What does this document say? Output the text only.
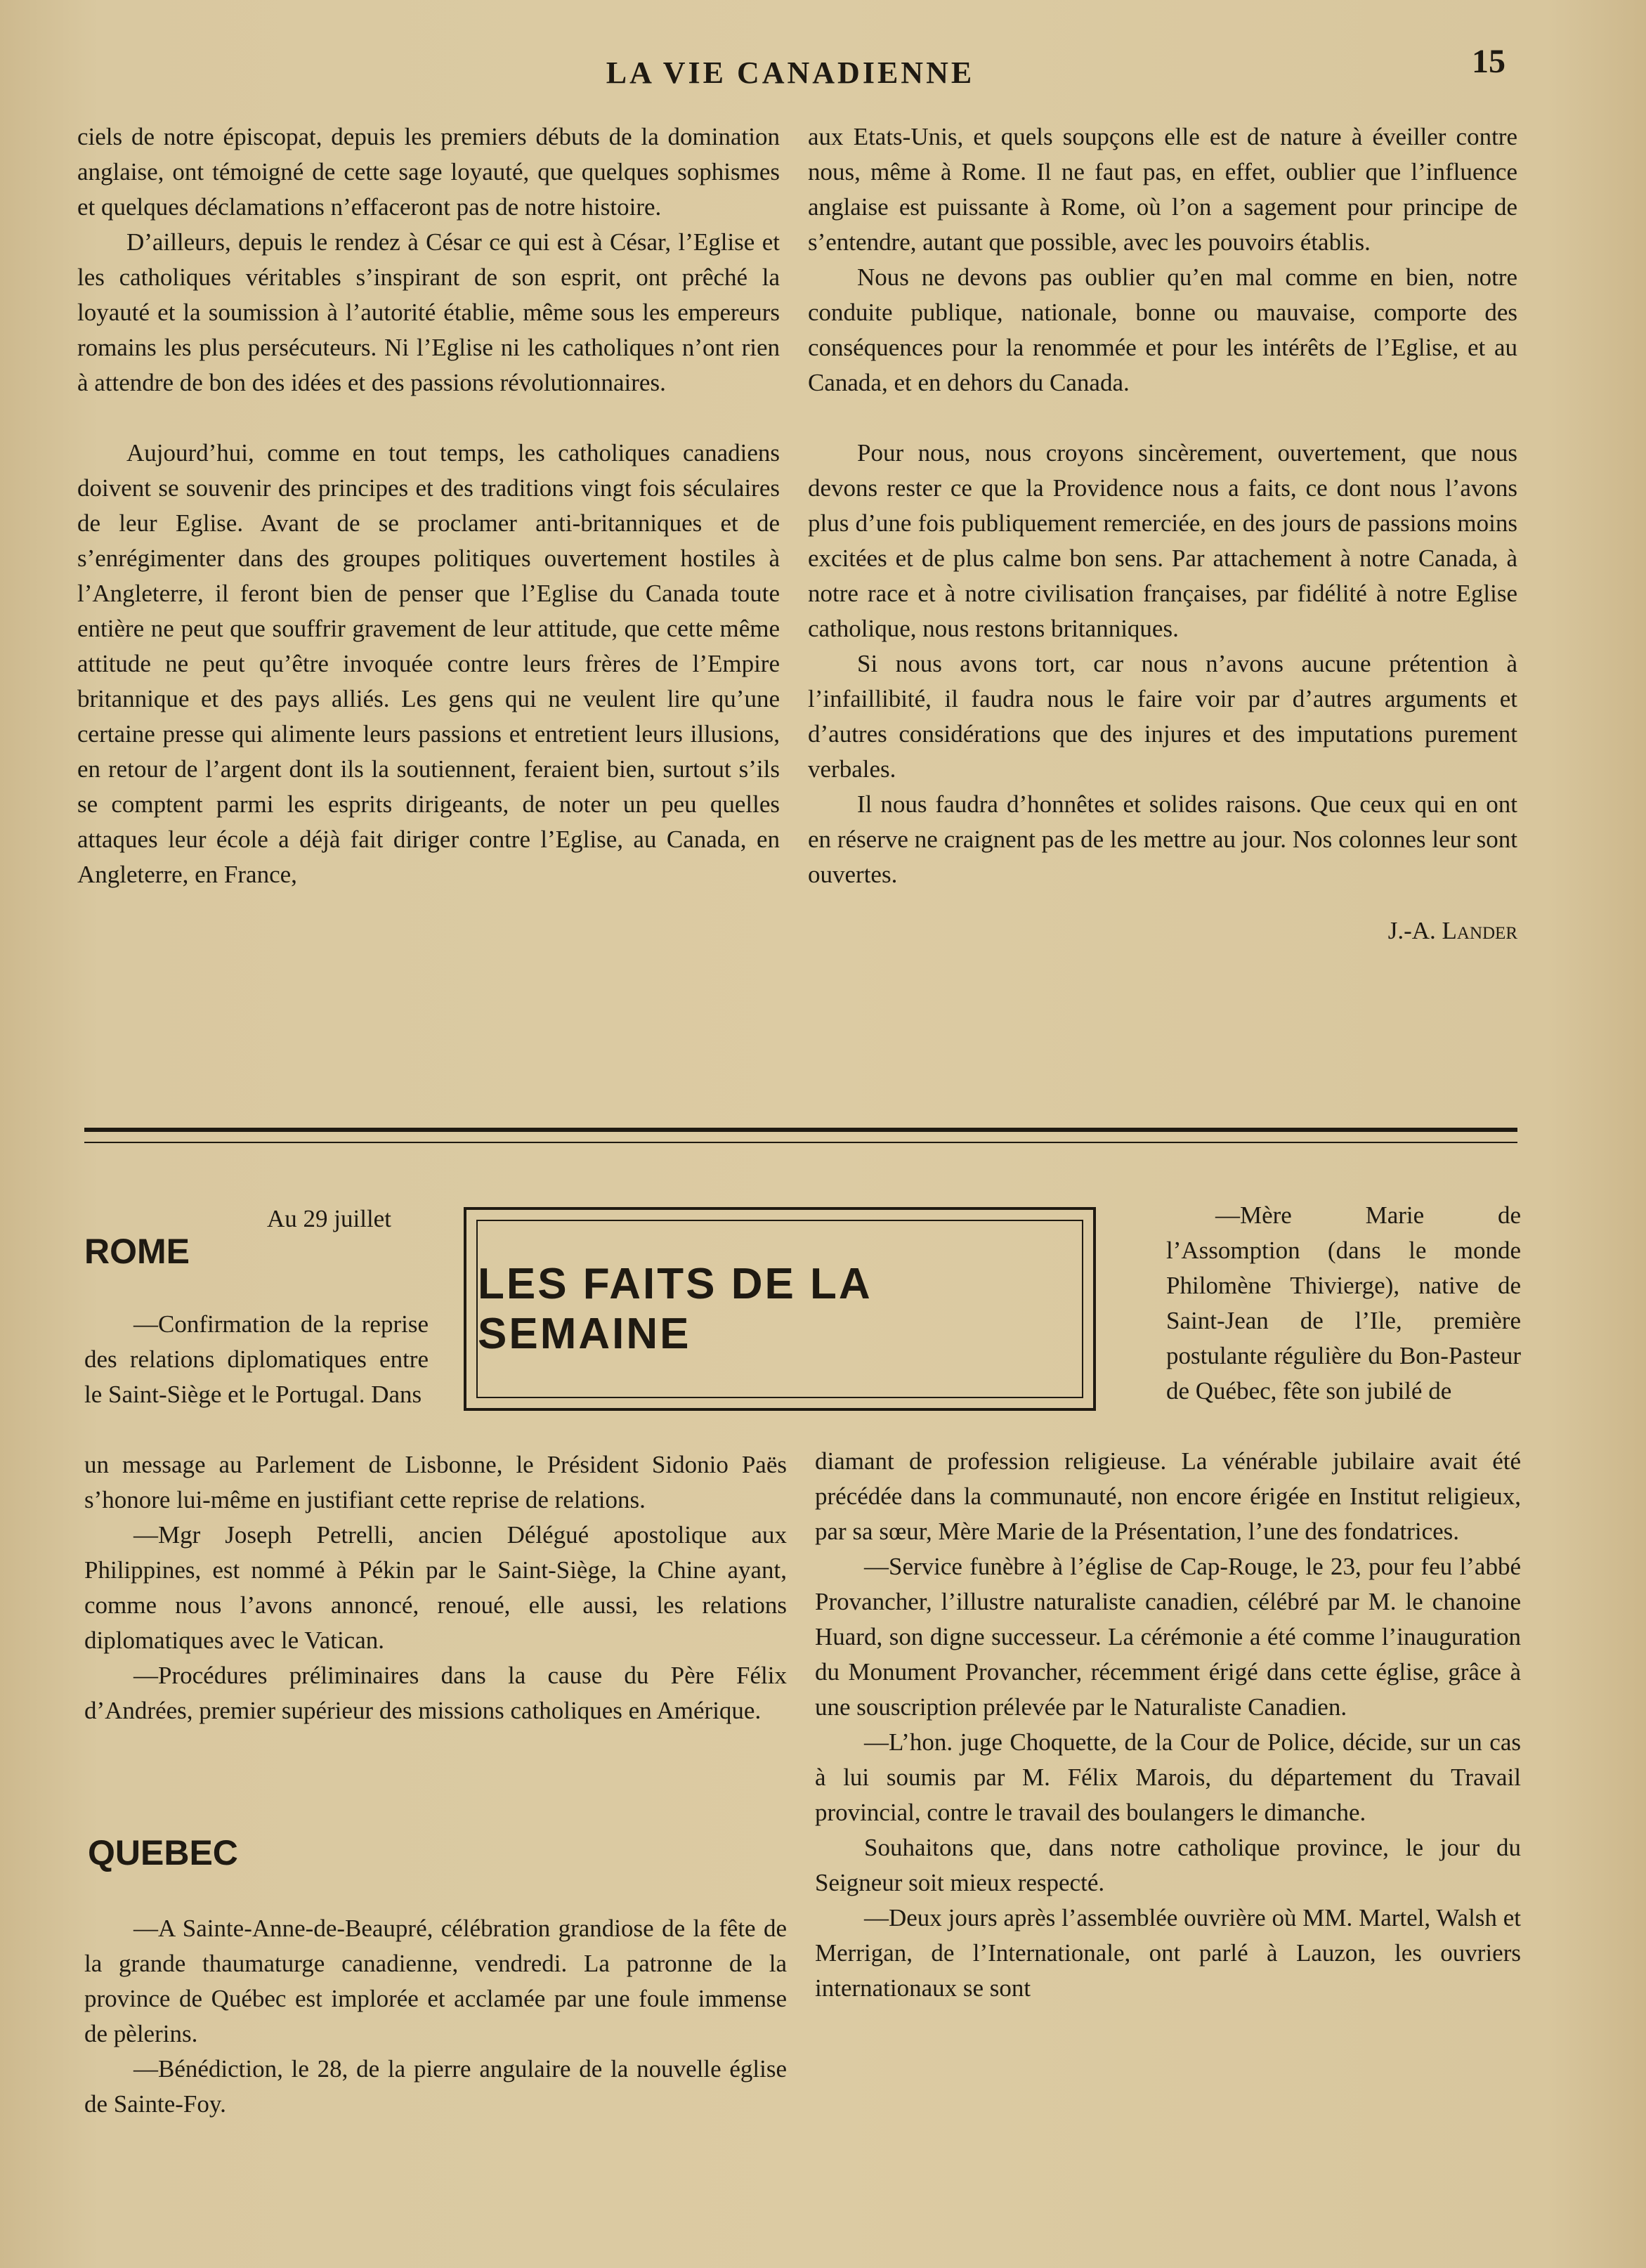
LA VIE CANADIENNE	15

ciels de notre épiscopat, depuis les premiers débuts de la domination anglaise, ont témoigné de cette sage loyauté, que quelques sophismes et quelques déclamations n’effaceront pas de notre histoire.

D’ailleurs, depuis le rendez à César ce qui est à César, l’Eglise et les catholiques véritables s’inspirant de son esprit, ont prêché la loyauté et la soumission à l’autorité établie, même sous les empereurs romains les plus persécuteurs. Ni l’Eglise ni les catholiques n’ont rien à attendre de bon des idées et des passions révolutionnaires.

Aujourd’hui, comme en tout temps, les catholiques canadiens doivent se souvenir des principes et des traditions vingt fois séculaires de leur Eglise. Avant de se proclamer anti-britanniques et de s’enrégimenter dans des groupes politiques ouvertement hostiles à l’Angleterre, il feront bien de penser que l’Eglise du Canada toute entière ne peut que souffrir gravement de leur attitude, que cette même attitude ne peut qu’être invoquée contre leurs frères de l’Empire britannique et des pays alliés. Les gens qui ne veulent lire qu’une certaine presse qui alimente leurs passions et entretient leurs illusions, en retour de l’argent dont ils la soutiennent, feraient bien, surtout s’ils se comptent parmi les esprits dirigeants, de noter un peu quelles attaques leur école a déjà fait diriger contre l’Eglise, au Canada, en Angleterre, en France,

aux Etats-Unis, et quels soupçons elle est de nature à éveiller contre nous, même à Rome. Il ne faut pas, en effet, oublier que l’influence anglaise est puissante à Rome, où l’on a sagement pour principe de s’entendre, autant que possible, avec les pouvoirs établis.

Nous ne devons pas oublier qu’en mal comme en bien, notre conduite publique, nationale, bonne ou mauvaise, comporte des conséquences pour la renommée et pour les intérêts de l’Eglise, et au Canada, et en dehors du Canada.

Pour nous, nous croyons sincèrement, ouvertement, que nous devons rester ce que la Providence nous a faits, ce dont nous l’avons plus d’une fois publiquement remerciée, en des jours de passions moins excitées et de plus calme bon sens. Par attachement à notre Canada, à notre race et à notre civilisation françaises, par fidélité à notre Eglise catholique, nous restons britanniques.

Si nous avons tort, car nous n’avons aucune prétention à l’infaillibité, il faudra nous le faire voir par d’autres arguments et d’autres considérations que des injures et des imputations purement verbales.

Il nous faudra d’honnêtes et solides raisons. Que ceux qui en ont en réserve ne craignent pas de les mettre au jour. Nos colonnes leur sont ouvertes.

J.-A. Lander
Au 29 juillet
LES FAITS DE LA SEMAINE
ROME

—Confirmation de la reprise des relations diplomatiques entre le Saint-Siège et le Portugal. Dans

un message au Parlement de Lisbonne, le Président Sidonio Paës s’honore lui-même en justifiant cette reprise de relations.

—Mgr Joseph Petrelli, ancien Délégué apostolique aux Philippines, est nommé à Pékin par le Saint-Siège, la Chine ayant, comme nous l’avons annoncé, renoué, elle aussi, les relations diplomatiques avec le Vatican.

—Procédures préliminaires dans la cause du Père Félix d’Andrées, premier supérieur des missions catholiques en Amérique.

QUEBEC

—A Sainte-Anne-de-Beaupré, célébration grandiose de la fête de la grande thaumaturge canadienne, vendredi. La patronne de la province de Québec est implorée et acclamée par une foule immense de pèlerins.

—Bénédiction, le 28, de la pierre angulaire de la nouvelle église de Sainte-Foy.

—Mère Marie de l’Assomption (dans le monde Philomène Thivierge), native de Saint-Jean de l’Ile, première postulante régulière du Bon-Pasteur de Québec, fête son jubilé de

diamant de profession religieuse. La vénérable jubilaire avait été précédée dans la communauté, non encore érigée en Institut religieux, par sa sœur, Mère Marie de la Présentation, l’une des fondatrices.

—Service funèbre à l’église de Cap-Rouge, le 23, pour feu l’abbé Provancher, l’illustre naturaliste canadien, célébré par M. le chanoine Huard, son digne successeur. La cérémonie a été comme l’inauguration du Monument Provancher, récemment érigé dans cette église, grâce à une souscription prélevée par le Naturaliste Canadien.

—L’hon. juge Choquette, de la Cour de Police, décide, sur un cas à lui soumis par M. Félix Marois, du département du Travail provincial, contre le travail des boulangers le dimanche.

Souhaitons que, dans notre catholique province, le jour du Seigneur soit mieux respecté.

—Deux jours après l’assemblée ouvrière où MM. Martel, Walsh et Merrigan, de l’Internationale, ont parlé à Lauzon, les ouvriers internationaux se sont
